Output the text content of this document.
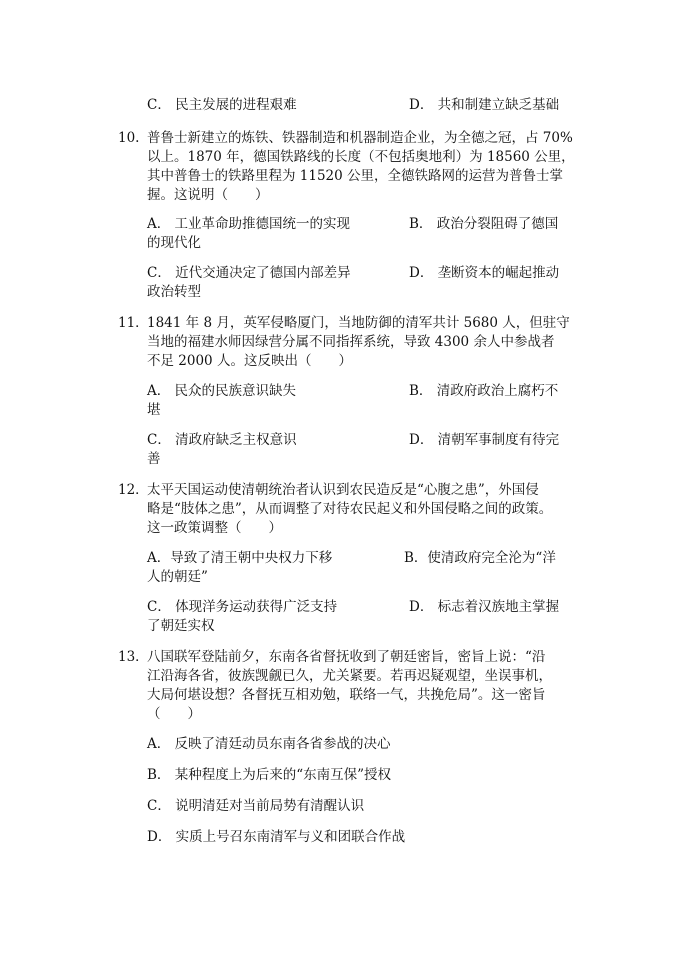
C． 民主发展的进程艰难	D． 共和制建立缺乏基础
10. 普鲁士新建立的炼铁、铁器制造和机器制造企业，为全德之冠，占 70%
以上。1870 年，德国铁路线的长度（不包括奥地利）为 18560 公里，
其中普鲁士的铁路里程为 11520 公里，全德铁路网的运营为普鲁士掌
握。这说明（　　）
A． 工业革命助推德国统一的实现	B． 政治分裂阻碍了德国
的现代化
C． 近代交通决定了德国内部差异	D． 垄断资本的崛起推动
政治转型
11．
1841 年 8 月，英军侵略厦门，当地防御的清军共计 5680 人，但驻守
当地的福建水师因绿营分属不同指挥系统，导致 4300 余人中参战者
不足 2000 人。这反映出（　　）
A． 民众的民族意识缺失	B． 清政府政治上腐朽不
堪
C． 清政府缺乏主权意识	D． 清朝军事制度有待完
善
12．
太平天国运动使清朝统治者认识到农民造反是“心腹之患”，外国侵
略是“肢体之患”，从而调整了对待农民起义和外国侵略之间的政策。
这一政策调整（　　）
A．导致了清王朝中央权力下移	B．使清政府完全沦为“洋
人的朝廷”
C． 体现洋务运动获得广泛支持	D． 标志着汉族地主掌握
了朝廷实权
13．
八国联军登陆前夕，东南各省督抚收到了朝廷密旨，密旨上说：“沿
江沿海各省，彼族觊觎已久，尤关紧要。若再迟疑观望，坐误事机，
大局何堪设想？各督抚互相劝勉，联络一气，共挽危局”。这一密旨
（　　）
A． 反映了清廷动员东南各省参战的决心
B． 某种程度上为后来的“东南互保”授权
C． 说明清廷对当前局势有清醒认识
D． 实质上号召东南清军与义和团联合作战
